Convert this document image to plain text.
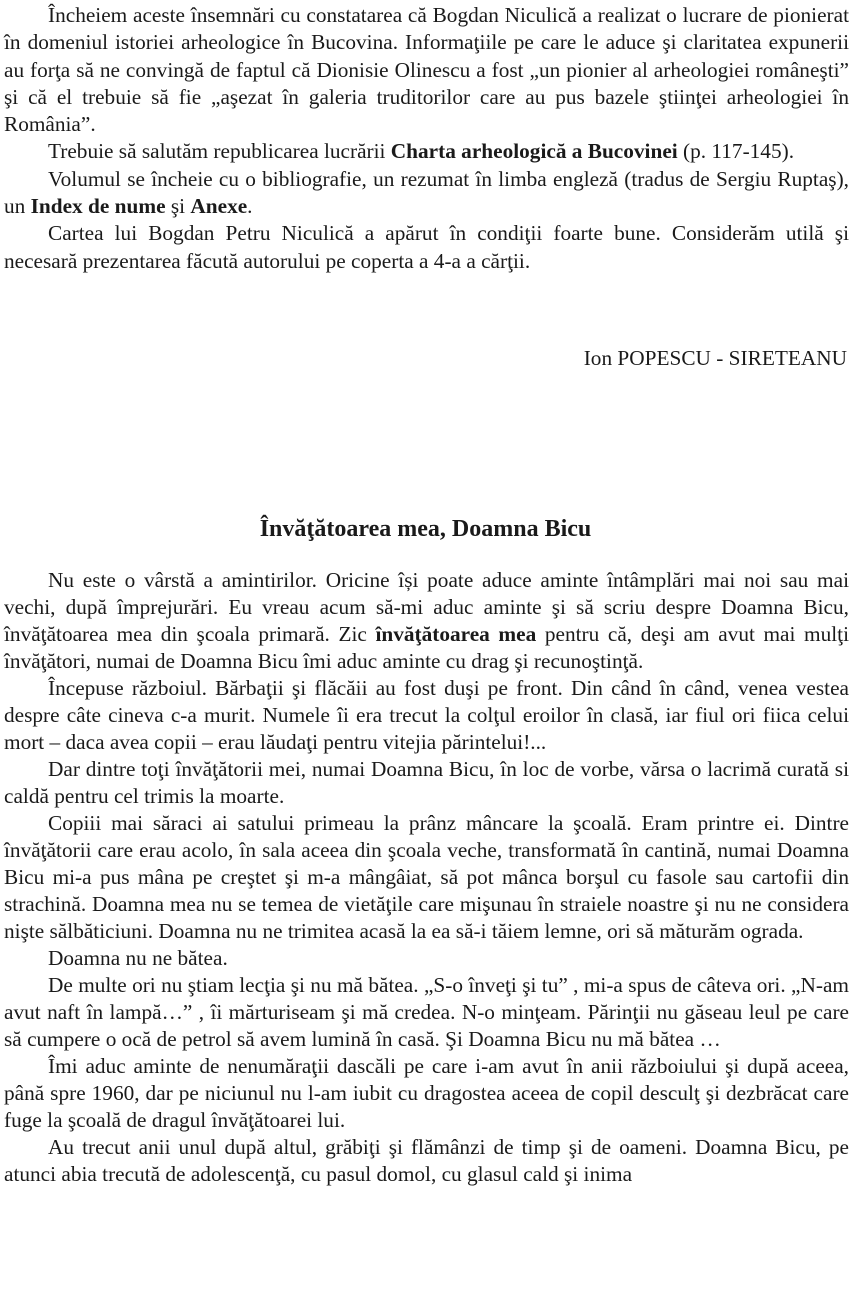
Încheiem aceste însemnări cu constatarea că Bogdan Niculică a realizat o lucrare de pionierat în domeniul istoriei arheologice în Bucovina. Informaţiile pe care le aduce şi claritatea expunerii au forţa să ne convingă de faptul că Dionisie Olinescu a fost „un pionier al arheologiei româneşti” şi că el trebuie să fie „aşezat în galeria truditorilor care au pus bazele ştiinţei arheologiei în România”.

Trebuie să salutăm republicarea lucrării Charta arheologică a Bucovinei (p. 117-145).

Volumul se încheie cu o bibliografie, un rezumat în limba engleză (tradus de Sergiu Ruptaş), un Index de nume şi Anexe.

Cartea lui Bogdan Petru Niculică a apărut în condiţii foarte bune. Considerăm utilă şi necesară prezentarea făcută autorului pe coperta a 4-a a cărţii.

Ion POPESCU - SIRETEANU
Învăţătoarea mea, Doamna Bicu

Nu este o vârstă a amintirilor. Oricine își poate aduce aminte întâmplări mai noi sau mai vechi, după împrejurări. Eu vreau acum să-mi aduc aminte şi să scriu despre Doamna Bicu, învăţătoarea mea din şcoala primară. Zic învăţătoarea mea pentru că, deşi am avut mai mulţi învăţători, numai de Doamna Bicu îmi aduc aminte cu drag şi recunoştinţă.

Începuse războiul. Bărbaţii şi flăcăii au fost duşi pe front. Din când în când, venea vestea despre câte cineva c-a murit. Numele îi era trecut la colţul eroilor în clasă, iar fiul ori fiica celui mort – daca avea copii – erau lăudaţi pentru vitejia părintelui!...

Dar dintre toţi învăţătorii mei, numai Doamna Bicu, în loc de vorbe, vărsa o lacrimă curată si caldă pentru cel trimis la moarte.

Copiii mai săraci ai satului primeau la prânz mâncare la şcoală. Eram printre ei. Dintre învăţătorii care erau acolo, în sala aceea din şcoala veche, transformată în cantină, numai Doamna Bicu mi-a pus mâna pe creştet şi m-a mângâiat, să pot mânca borşul cu fasole sau cartofii din strachină. Doamna mea nu se temea de vietăţile care mişunau în straiele noastre şi nu ne considera nişte sălbăticiuni. Doamna nu ne trimitea acasă la ea să-i tăiem lemne, ori să măturăm ograda.

Doamna nu ne bătea.

De multe ori nu ştiam lecţia şi nu mă bătea. „S-o înveţi şi tu” , mi-a spus de câteva ori. „N-am avut naft în lampă…” , îi mărturiseam şi mă credea. N-o minţeam. Părinţii nu găseau leul pe care să cumpere o ocă de petrol să avem lumină în casă. Şi Doamna Bicu nu mă bătea …

Îmi aduc aminte de nenumăraţii dascăli pe care i-am avut în anii războiului şi după aceea, până spre 1960, dar pe niciunul nu l-am iubit cu dragostea aceea de copil desculţ şi dezbrăcat care fuge la şcoală de dragul învăţătoarei lui.

Au trecut anii unul după altul, grăbiţi şi flămânzi de timp şi de oameni. Doamna Bicu, pe atunci abia trecută de adolescenţă, cu pasul domol, cu glasul cald şi inima
